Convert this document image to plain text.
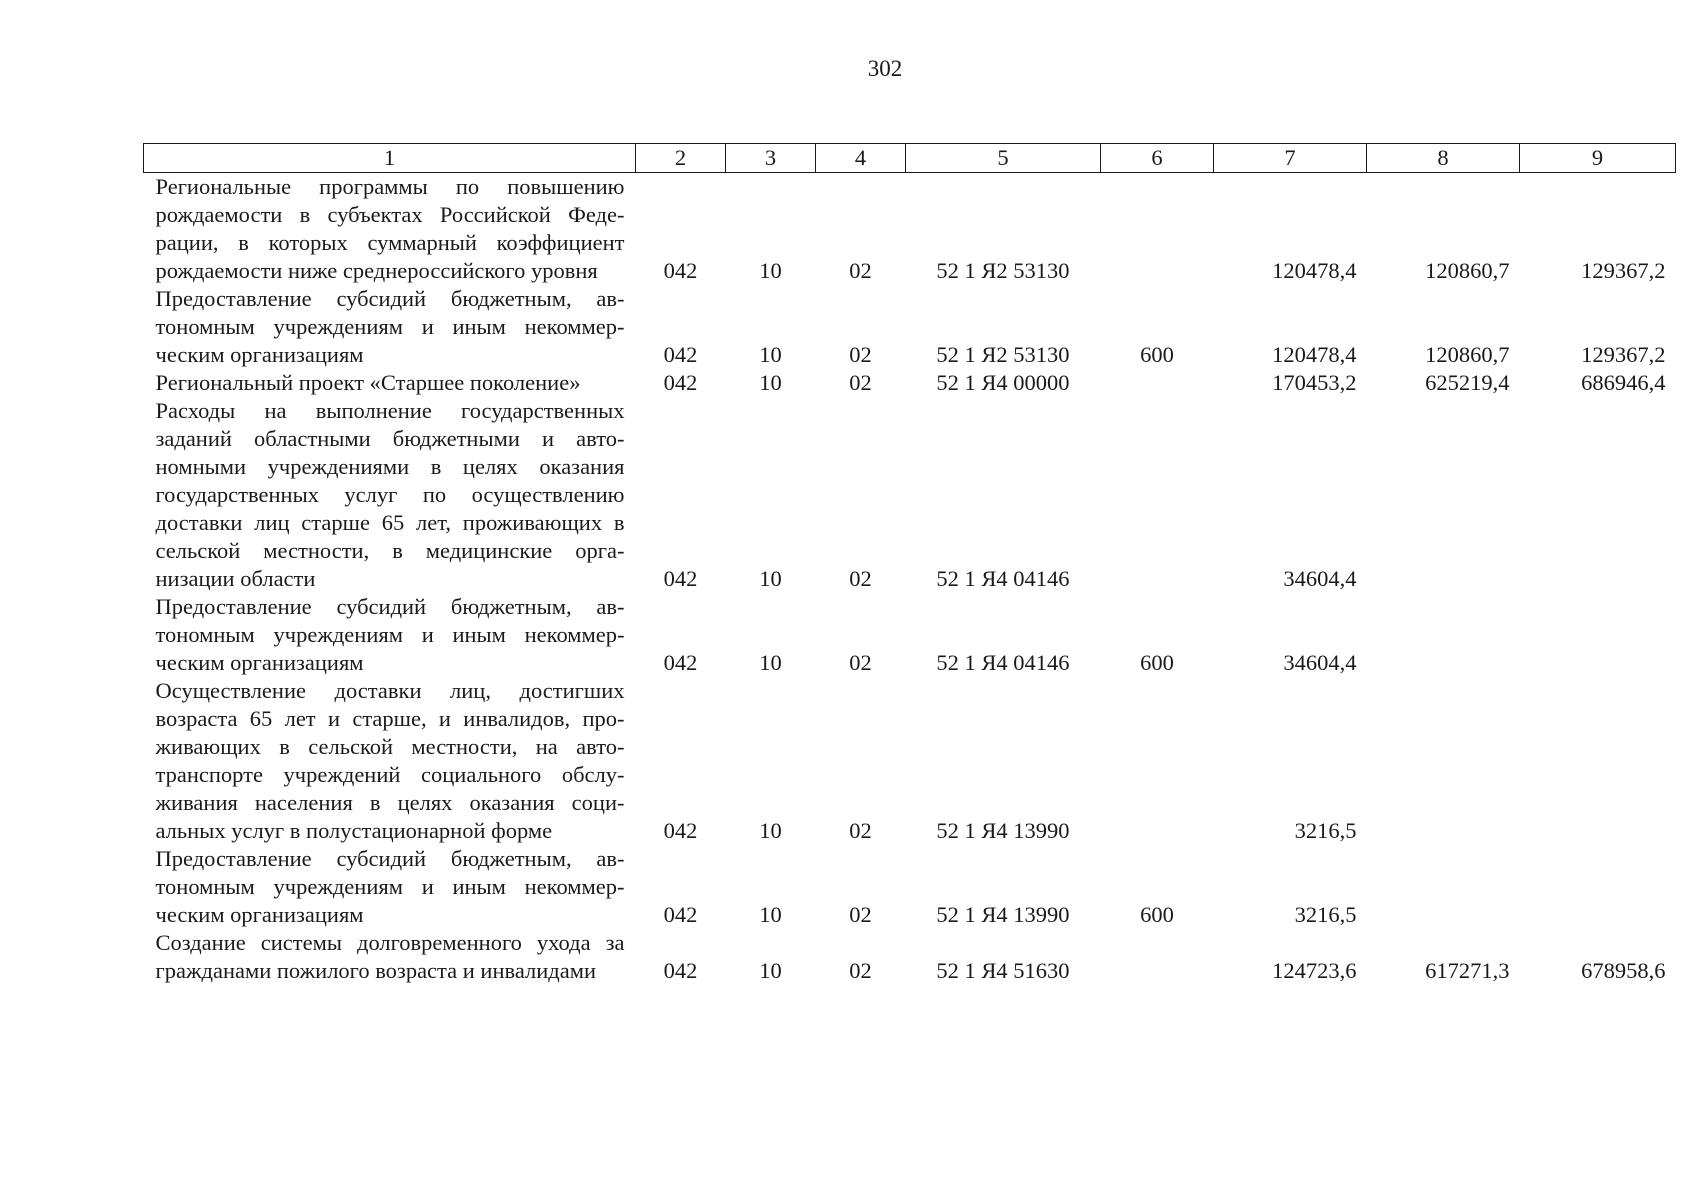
302
1	2	3	4	5	6	7	8	9
Региональные программы по повышению рождаемости в субъектах Российской Федерации, в которых суммарный коэффициент рождаемости ниже среднероссийского уровня	042	10	02	52 1 Я2 53130		120478,4	120860,7	129367,2
Предоставление субсидий бюджетным, автономным учреждениям и иным некоммерческим организациям	042	10	02	52 1 Я2 53130	600	120478,4	120860,7	129367,2
Региональный проект «Старшее поколение»	042	10	02	52 1 Я4 00000		170453,2	625219,4	686946,4
Расходы на выполнение государственных заданий областными бюджетными и автономными учреждениями в целях оказания государственных услуг по осуществлению доставки лиц старше 65 лет, проживающих в сельской местности, в медицинские организации области	042	10	02	52 1 Я4 04146		34604,4		
Предоставление субсидий бюджетным, автономным учреждениям и иным некоммерческим организациям	042	10	02	52 1 Я4 04146	600	34604,4		
Осуществление доставки лиц, достигших возраста 65 лет и старше, и инвалидов, проживающих в сельской местности, на автотранспорте учреждений социального обслуживания населения в целях оказания социальных услуг в полустационарной форме	042	10	02	52 1 Я4 13990		3216,5		
Предоставление субсидий бюджетным, автономным учреждениям и иным некоммерческим организациям	042	10	02	52 1 Я4 13990	600	3216,5		
Создание системы долговременного ухода за гражданами пожилого возраста и инвалидами	042	10	02	52 1 Я4 51630		124723,6	617271,3	678958,6
